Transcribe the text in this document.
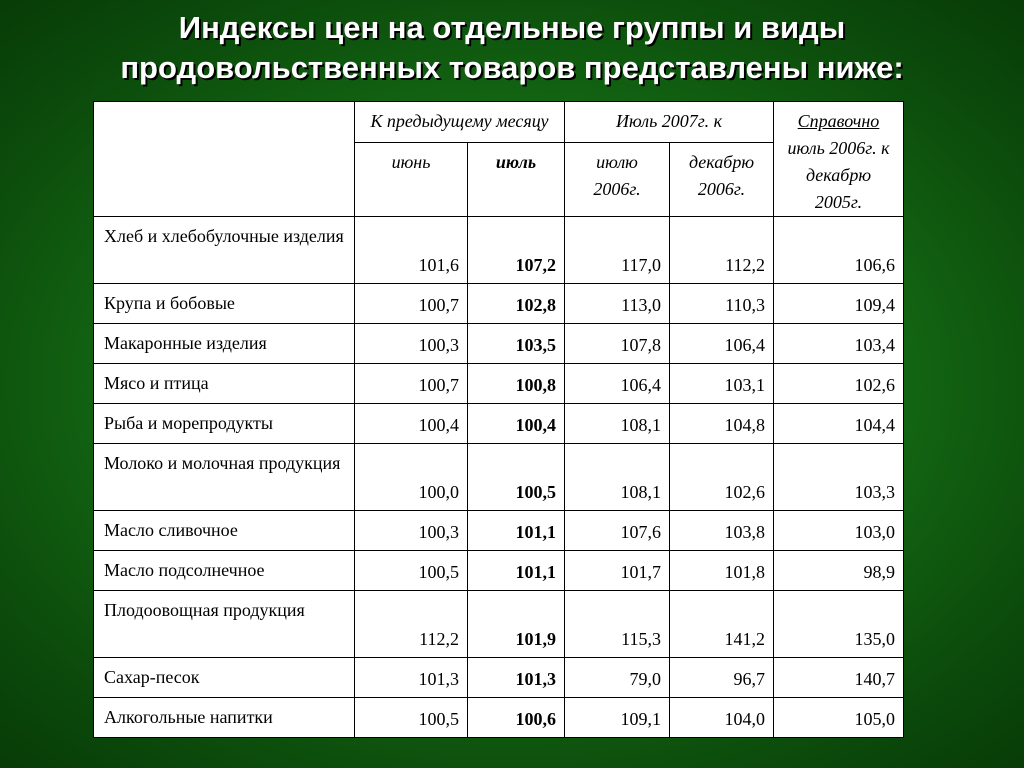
Индексы цен на отдельные группы и виды
продовольственных товаров представлены ниже:
	К предыдущему месяцу		Июль 2007г. к		Справочно
июль 2006г. к декабрю 2005г.
	июнь	июль	июлю 2006г.	декабрю 2006г.	
Хлеб и хлебобулочные изделия	101,6	107,2	117,0	112,2	106,6
Крупа и бобовые	100,7	102,8	113,0	110,3	109,4
Макаронные изделия	100,3	103,5	107,8	106,4	103,4
Мясо и птица	100,7	100,8	106,4	103,1	102,6
Рыба и морепродукты	100,4	100,4	108,1	104,8	104,4
Молоко и молочная продукция	100,0	100,5	108,1	102,6	103,3
Масло сливочное	100,3	101,1	107,6	103,8	103,0
Масло подсолнечное	100,5	101,1	101,7	101,8	98,9
Плодоовощная продукция	112,2	101,9	115,3	141,2	135,0
Сахар-песок	101,3	101,3	79,0	96,7	140,7
Алкогольные напитки	100,5	100,6	109,1	104,0	105,0
